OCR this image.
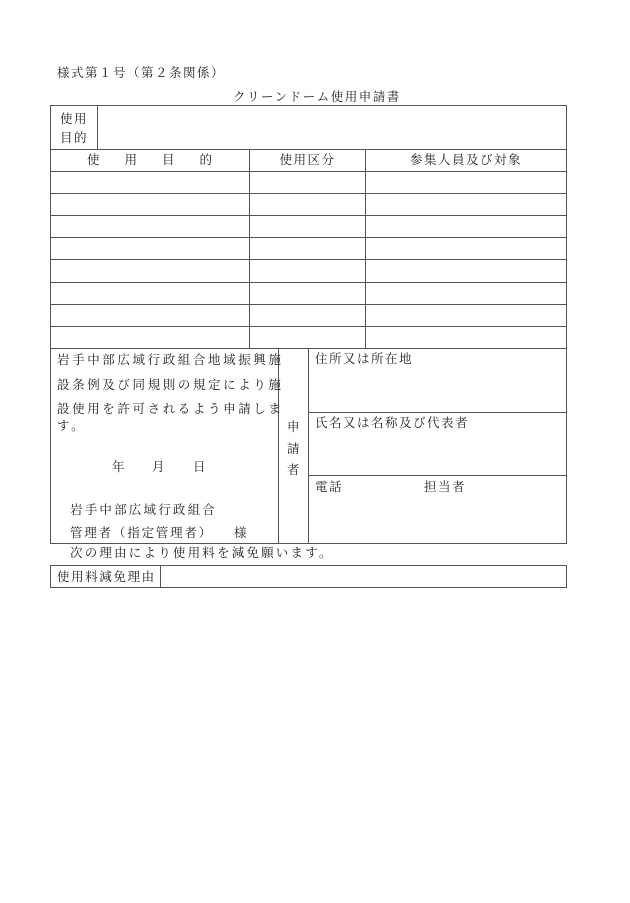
様式第１号（第２条関係）
クリーンドーム使用申請書
使用
目的
使　　用　　目　　的	使用区分	参集人員及び対象
岩手中部広域行政組合地域振興施
設条例及び同規則の規定により施
設使用を許可されるよう申請しま
す。
年 月 日
岩手中部広域行政組合
管理者（指定管理者） 様
申
請
者
住所又は所在地
氏名又は名称及び代表者
電話	担当者
次の理由により使用料を減免願います。
使用料減免理由
